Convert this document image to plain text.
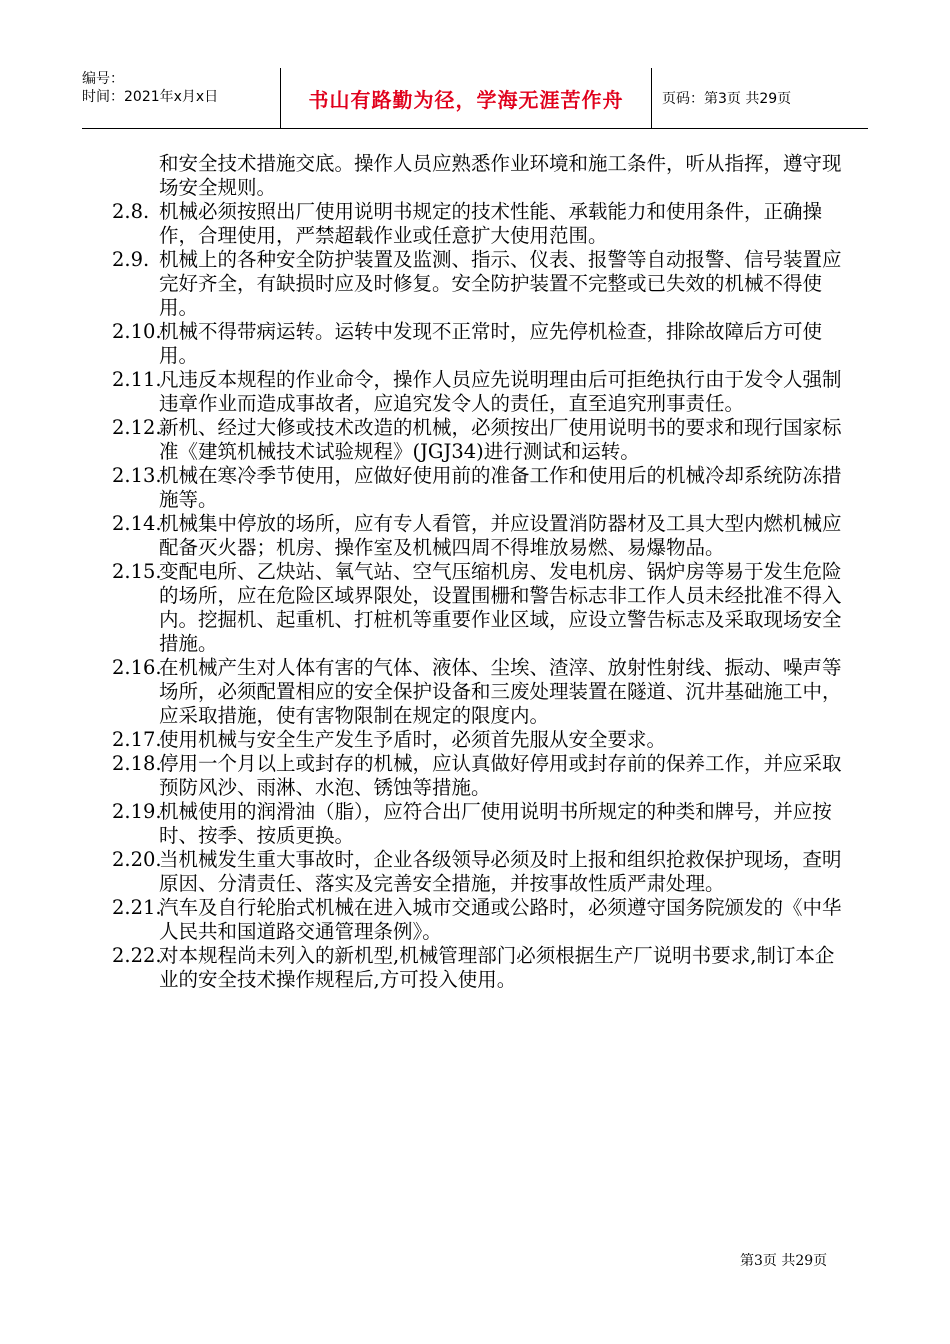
编号：
时间：2021年x月x日	书山有路勤为径，学海无涯苦作舟	页码：第3页 共29页

和安全技术措施交底。操作人员应熟悉作业环境和施工条件，听从指挥，遵守现场安全规则。

2.8. 机械必须按照出厂使用说明书规定的技术性能、承载能力和使用条件，正确操作，合理使用，严禁超载作业或任意扩大使用范围。

2.9. 机械上的各种安全防护装置及监测、指示、仪表、报警等自动报警、信号装置应完好齐全，有缺损时应及时修复。安全防护装置不完整或已失效的机械不得使用。

2.10.
机械不得带病运转。运转中发现不正常时，应先停机检查，排除故障后方可使用。

2.11.
凡违反本规程的作业命令，操作人员应先说明理由后可拒绝执行由于发令人强制违章作业而造成事故者，应追究发令人的责任，直至追究刑事责任。

2.12.
新机、经过大修或技术改造的机械，必须按出厂使用说明书的要求和现行国家标准《建筑机械技术试验规程》(JGJ34)进行测试和运转。

2.13.
机械在寒冷季节使用，应做好使用前的准备工作和使用后的机械冷却系统防冻措施等。

2.14.
机械集中停放的场所，应有专人看管，并应设置消防器材及工具大型内燃机械应配备灭火器；机房、操作室及机械四周不得堆放易燃、易爆物品。

2.15.
变配电所、乙炔站、氧气站、空气压缩机房、发电机房、锅炉房等易于发生危险的场所，应在危险区域界限处，设置围栅和警告标志非工作人员未经批准不得入内。挖掘机、起重机、打桩机等重要作业区域，应设立警告标志及采取现场安全措施。

2.16.
在机械产生对人体有害的气体、液体、尘埃、渣滓、放射性射线、振动、噪声等场所，必须配置相应的安全保护设备和三废处理装置在隧道、沉井基础施工中，应采取措施，使有害物限制在规定的限度内。

2.17.
使用机械与安全生产发生予盾时，必须首先服从安全要求。

2.18.
停用一个月以上或封存的机械，应认真做好停用或封存前的保养工作，并应采取预防风沙、雨淋、水泡、锈蚀等措施。

2.19.
机械使用的润滑油（脂），应符合出厂使用说明书所规定的种类和牌号，并应按时、按季、按质更换。

2.20.
当机械发生重大事故时，企业各级领导必须及时上报和组织抢救保护现场，查明原因、分清责任、落实及完善安全措施，并按事故性质严肃处理。

2.21.
汽车及自行轮胎式机械在进入城市交通或公路时，必须遵守国务院颁发的《中华人民共和国道路交通管理条例》。

2.22.
对本规程尚未列入的新机型,机械管理部门必须根据生产厂说明书要求,制订本企业的安全技术操作规程后,方可投入使用。

第3页 共29页
